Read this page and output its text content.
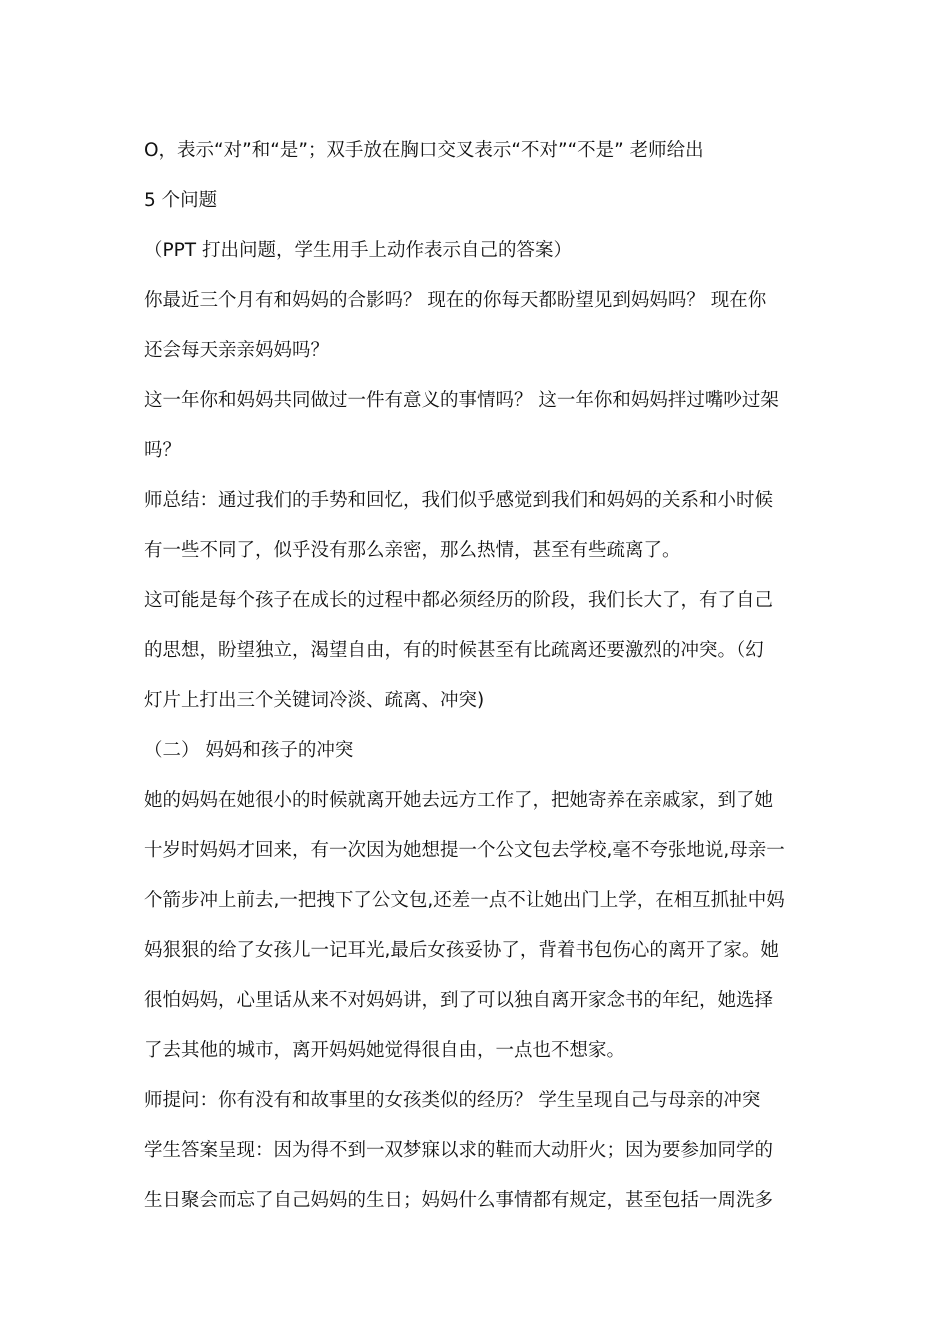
O，表示“对”和“是”；双手放在胸口交叉表示“不对”“不是” 老师给出
5 个问题
（PPT 打出问题，学生用手上动作表示自己的答案）
你最近三个月有和妈妈的合影吗？ 现在的你每天都盼望见到妈妈吗？ 现在你
还会每天亲亲妈妈吗？
这一年你和妈妈共同做过一件有意义的事情吗？ 这一年你和妈妈拌过嘴吵过架
吗？
师总结：通过我们的手势和回忆，我们似乎感觉到我们和妈妈的关系和小时候
有一些不同了，似乎没有那么亲密，那么热情，甚至有些疏离了。
这可能是每个孩子在成长的过程中都必须经历的阶段，我们长大了，有了自己
的思想，盼望独立，渴望自由，有的时候甚至有比疏离还要激烈的冲突。（幻
灯片上打出三个关键词冷淡、疏离、冲突)
（二） 妈妈和孩子的冲突
她的妈妈在她很小的时候就离开她去远方工作了，把她寄养在亲戚家，到了她
十岁时妈妈才回来，有一次因为她想提一个公文包去学校,毫不夸张地说,母亲一
个箭步冲上前去,一把拽下了公文包,还差一点不让她出门上学，在相互抓扯中妈
妈狠狠的给了女孩儿一记耳光,最后女孩妥协了，背着书包伤心的离开了家。她
很怕妈妈，心里话从来不对妈妈讲，到了可以独自离开家念书的年纪，她选择
了去其他的城市，离开妈妈她觉得很自由，一点也不想家。
师提问：你有没有和故事里的女孩类似的经历？ 学生呈现自己与母亲的冲突
学生答案呈现：因为得不到一双梦寐以求的鞋而大动肝火；因为要参加同学的
生日聚会而忘了自己妈妈的生日；妈妈什么事情都有规定，甚至包括一周洗多
